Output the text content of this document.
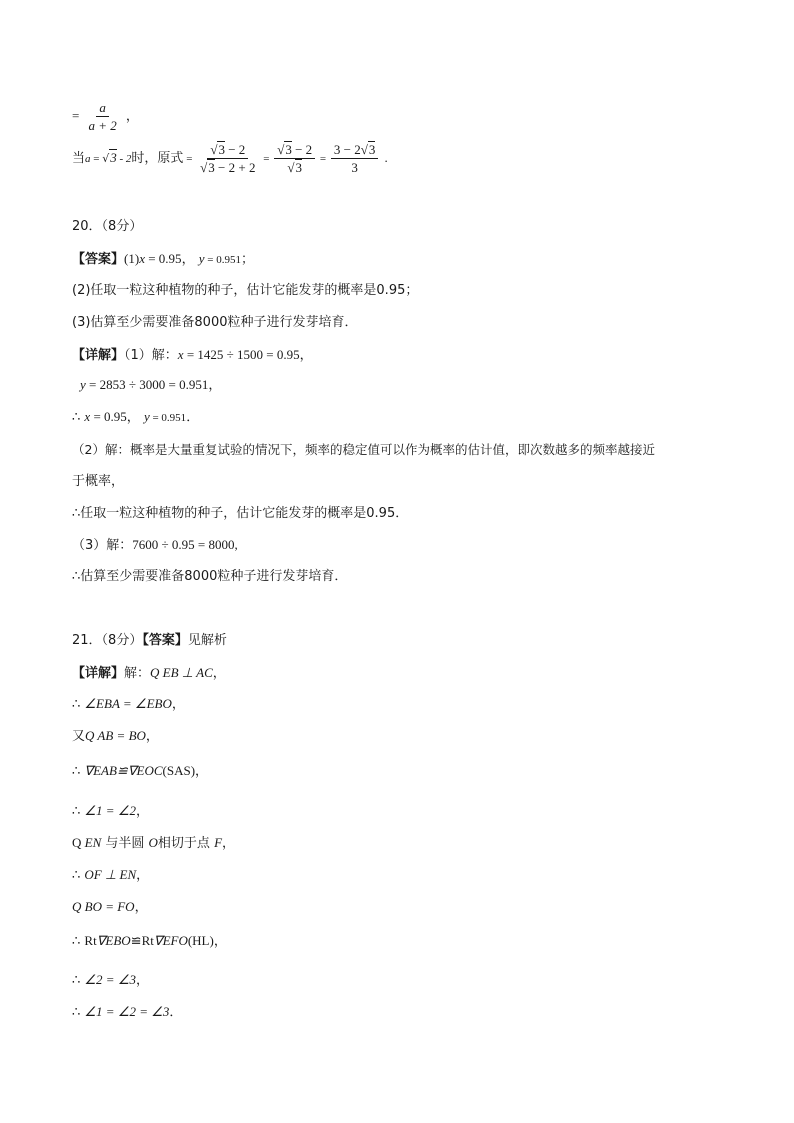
= $\frac{a}{a + 2}$ ，
当a = √3 - 2时，原式 = $\frac{√3 - 2}{√3 - 2 + 2} = \frac{√3 - 2}{√3} = \frac{3 - 2√3}{3}$ .
20．（8分）
【答案】(1)x = 0.95， y = 0.951；
(2)任取一粒这种植物的种子，估计它能发芽的概率是0.95；
(3)估算至少需要准备8000粒种子进行发芽培育．
【详解】（1）解：x = 1425 ÷ 1500 = 0.95，
y = 2853 ÷ 3000 = 0.951，
∴ x = 0.95， y = 0.951．
（2）解：概率是大量重复试验的情况下，频率的稳定值可以作为概率的估计值，即次数越多的频率越接近
于概率，
∴任取一粒这种植物的种子，估计它能发芽的概率是0.95．
（3）解：7600 ÷ 0.95 = 8000,
∴估算至少需要准备8000粒种子进行发芽培育．
21．（8分）【答案】见解析
【详解】解：Q EB ⊥ AC，
∴ ∠EBA = ∠EBO，
又Q AB = BO，
∴ ∇EAB≌∇EOC(SAS)，
∴ ∠1 = ∠2，
Q EN 与半圆 O相切于点 F，
∴ OF ⊥ EN，
Q BO = FO，
∴ Rt∇EBO≌Rt∇EFO(HL)，
∴ ∠2 = ∠3，
∴ ∠1 = ∠2 = ∠3．
